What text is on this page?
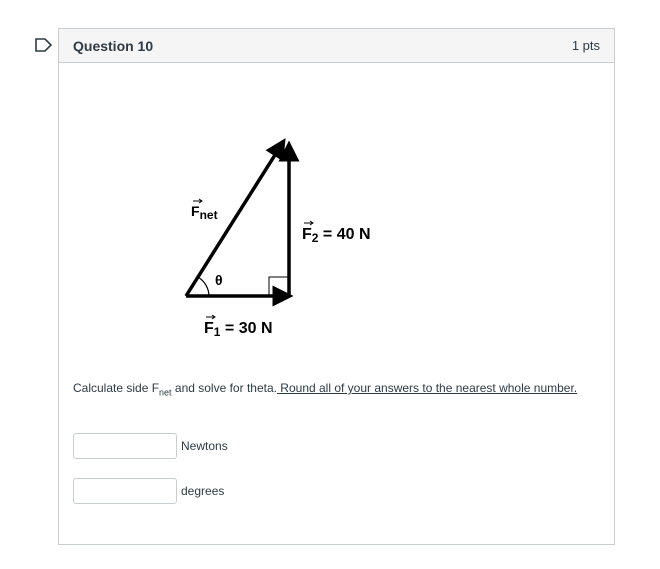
Question 10	1 pts
θ
Fnet
F2 = 40 N
F1 = 30 N
Calculate side $F_{net}$ and solve for theta. Round all of your answers to the nearest whole number.
Newtons
degrees
